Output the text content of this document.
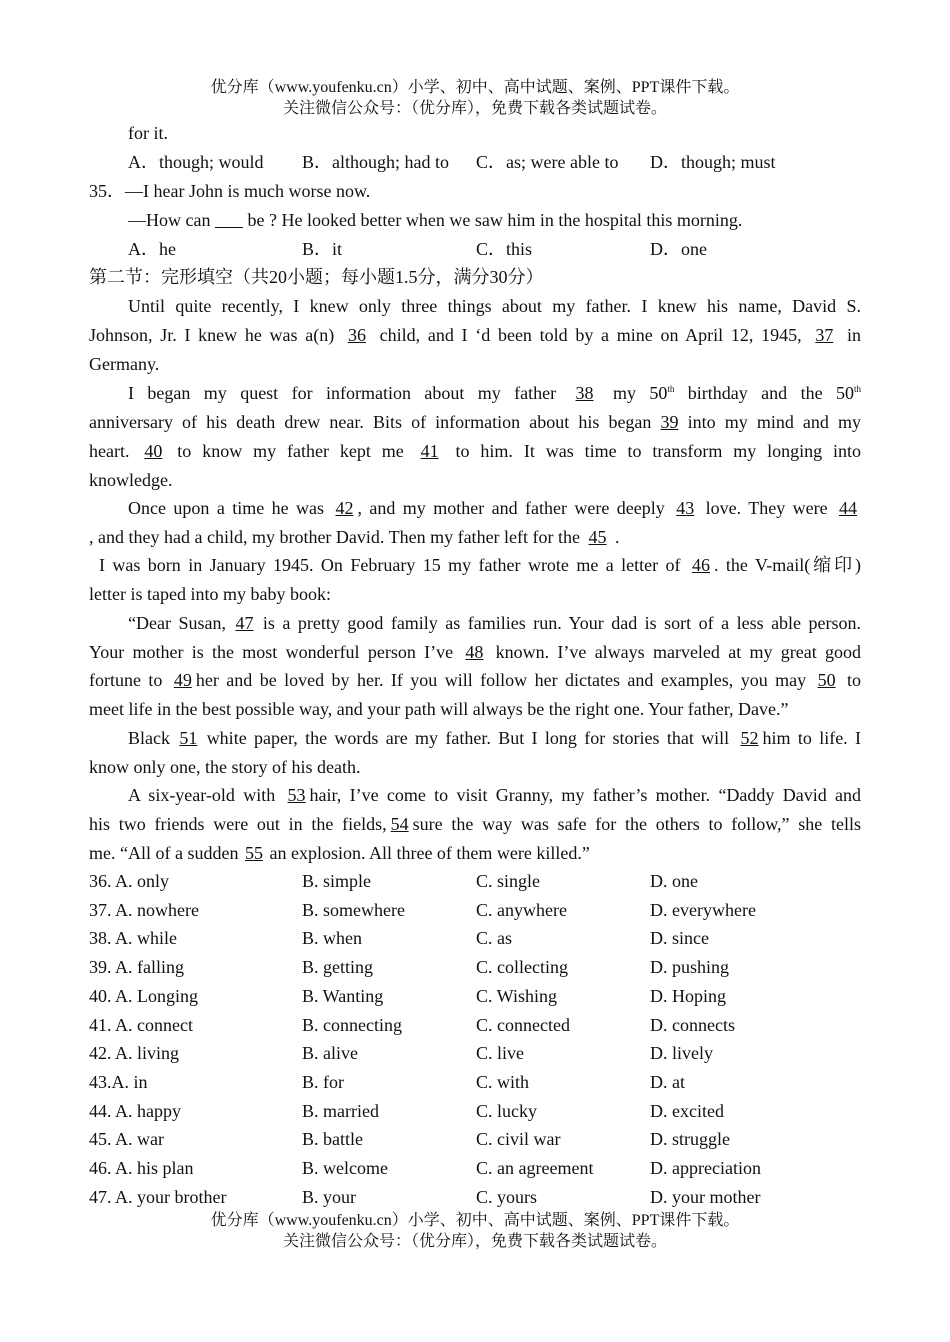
优分库（www.youfenku.cn）小学、初中、高中试题、案例、PPT课件下载。
关注微信公众号：（优分库），免费下载各类试题试卷。
for it.
A．though; would B．although; had to C．as; were able to D．though; must
35．—I hear John is much worse now.
—How can be ? He looked better when we saw him in the hospital this morning.
A．he	B．it	C．this	D．one
第二节：完形填空（共20小题；每小题1.5分，满分30分）
Until quite recently, I knew only three things about my father. I knew his name, David S.
Johnson, Jr. I knew he was a(n) 36 child, and I ‘d been told by a mine on April 12, 1945, 37 in
Germany.
I began my quest for information about my father 38 my 50th birthday and the 50th
anniversary of his death drew near. Bits of information about his began 39 into my mind and my
heart. 40 to know my father kept me 41 to him. It was time to transform my longing into
knowledge.
Once upon a time he was 42 , and my mother and father were deeply 43 love. They were 44
, and they had a child, my brother David. Then my father left for the 45 .
I was born in January 1945. On February 15 my father wrote me a letter of 46 . the V-mail(缩印)
letter is taped into my baby book:
“Dear Susan, 47 is a pretty good family as families run. Your dad is sort of a less able person.
Your mother is the most wonderful person I’ve 48 known. I’ve always marveled at my great good
fortune to 49 her and be loved by her. If you will follow her dictates and examples, you may 50 to
meet life in the best possible way, and your path will always be the right one. Your father, Dave.”
Black 51 white paper, the words are my father. But I long for stories that will 52 him to life. I
know only one, the story of his death.
A six-year-old with 53 hair, I’ve come to visit Granny, my father’s mother. “Daddy David and
his two friends were out in the fields, 54 sure the way was safe for the others to follow,” she tells
me. “All of a sudden 55 an explosion. All three of them were killed.”
36. A. only	B. simple	C. single	D. one
37. A. nowhere	B. somewhere	C. anywhere	D. everywhere
38. A. while	B. when	C. as	D. since
39. A. falling	B. getting	C. collecting	D. pushing
40. A. Longing	B. Wanting	C. Wishing	D. Hoping
41. A. connect	B. connecting	C. connected	D. connects
42. A. living	B. alive	C. live	D. lively
43.A. in	B. for	C. with	D. at
44. A. happy	B. married	C. lucky	D. excited
45. A. war	B. battle	C. civil war	D. struggle
46. A. his plan	B. welcome	C. an agreement	D. appreciation
47. A. your brother	B. your	C. yours	D. your mother
优分库（www.youfenku.cn）小学、初中、高中试题、案例、PPT课件下载。
关注微信公众号：（优分库），免费下载各类试题试卷。
